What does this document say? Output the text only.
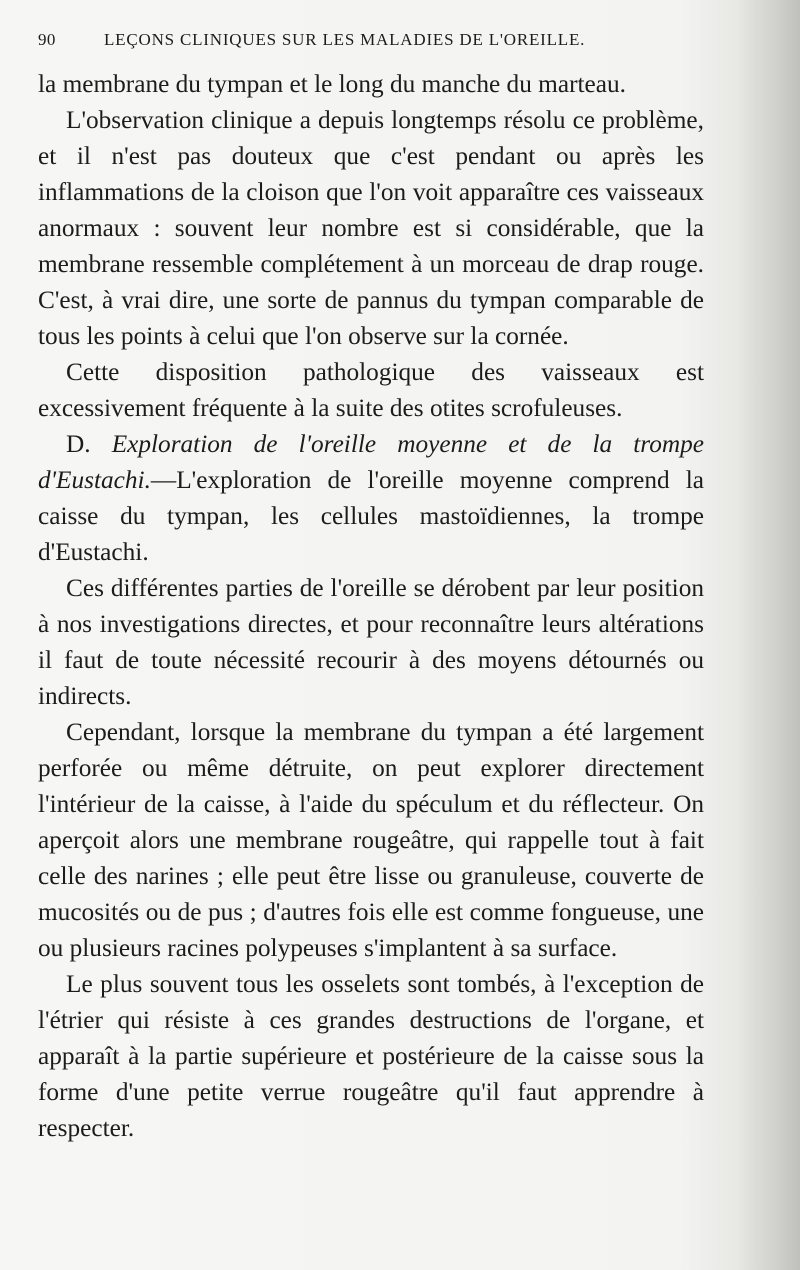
90	LEÇONS CLINIQUES SUR LES MALADIES DE L'OREILLE.

la membrane du tympan et le long du manche du marteau.

L'observation clinique a depuis longtemps résolu ce problème, et il n'est pas douteux que c'est pendant ou après les inflammations de la cloison que l'on voit apparaître ces vaisseaux anormaux : souvent leur nombre est si considérable, que la membrane ressemble complétement à un morceau de drap rouge. C'est, à vrai dire, une sorte de pannus du tympan comparable de tous les points à celui que l'on observe sur la cornée.

Cette disposition pathologique des vaisseaux est excessivement fréquente à la suite des otites scrofuleuses.

D. Exploration de l'oreille moyenne et de la trompe d'Eustachi.—L'exploration de l'oreille moyenne comprend la caisse du tympan, les cellules mastoïdiennes, la trompe d'Eustachi.

Ces différentes parties de l'oreille se dérobent par leur position à nos investigations directes, et pour reconnaître leurs altérations il faut de toute nécessité recourir à des moyens détournés ou indirects.

Cependant, lorsque la membrane du tympan a été largement perforée ou même détruite, on peut explorer directement l'intérieur de la caisse, à l'aide du spéculum et du réflecteur. On aperçoit alors une membrane rougeâtre, qui rappelle tout à fait celle des narines ; elle peut être lisse ou granuleuse, couverte de mucosités ou de pus ; d'autres fois elle est comme fongueuse, une ou plusieurs racines polypeuses s'implantent à sa surface.

Le plus souvent tous les osselets sont tombés, à l'exception de l'étrier qui résiste à ces grandes destructions de l'organe, et apparaît à la partie supérieure et postérieure de la caisse sous la forme d'une petite verrue rougeâtre qu'il faut apprendre à respecter.
